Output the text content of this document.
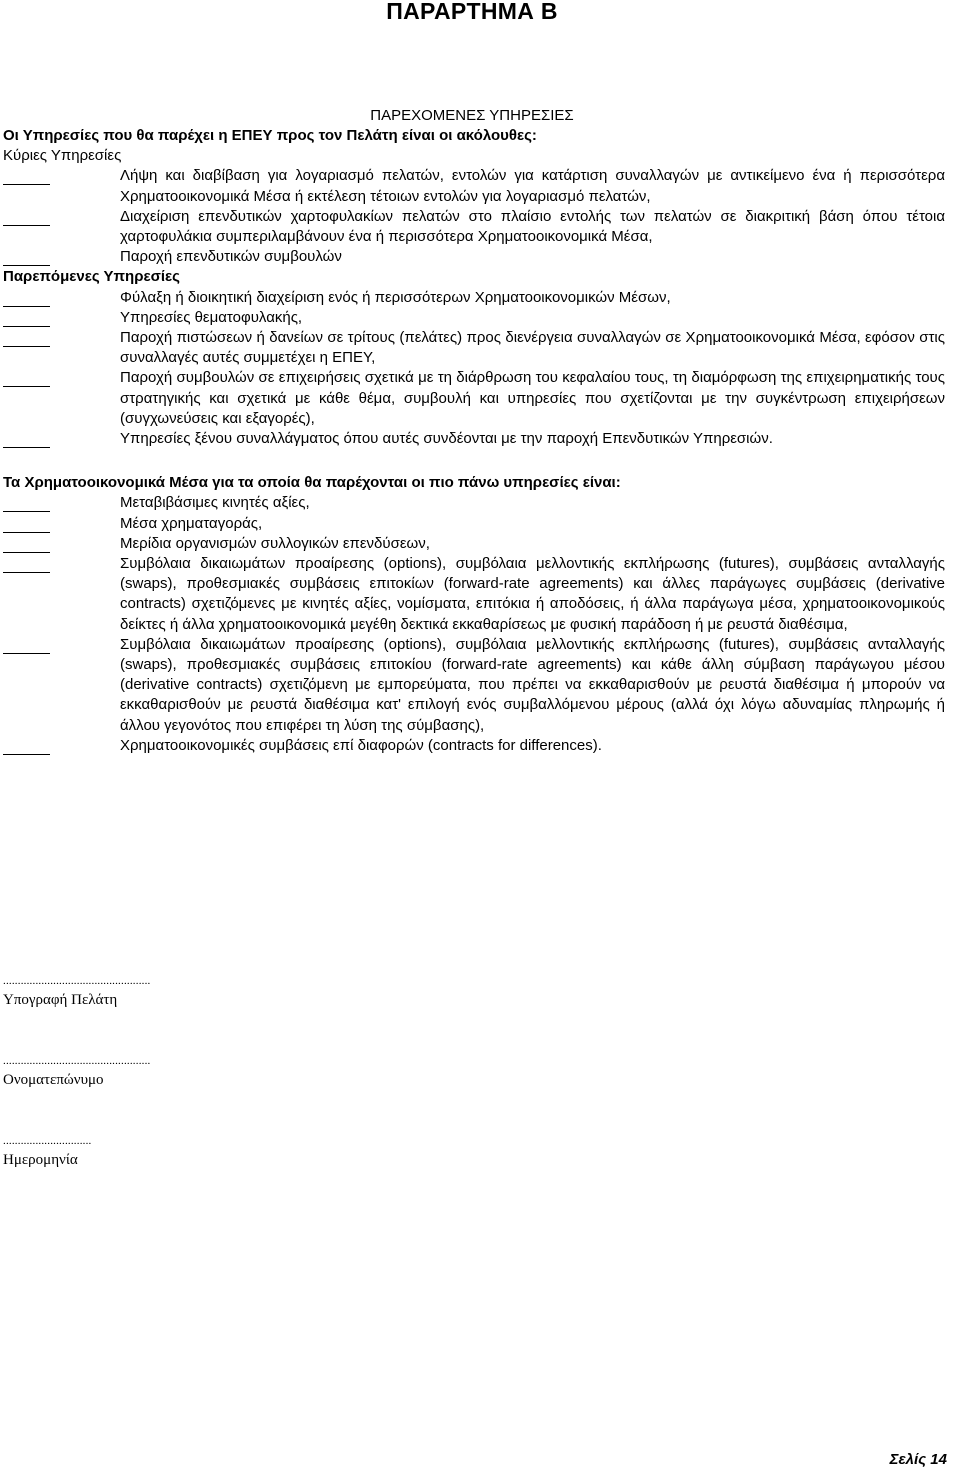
ΠΑΡΑΡΤΗΜΑ Β
ΠΑΡΕΧΟΜΕΝΕΣ ΥΠΗΡΕΣΙΕΣ

Οι Υπηρεσίες που θα παρέχει η ΕΠΕΥ προς τον Πελάτη είναι οι ακόλουθες:

Κύριες Υπηρεσίες

Λήψη και διαβίβαση για λογαριασμό πελατών, εντολών για κατάρτιση συναλλαγών με αντικείμενο ένα ή περισσότερα Χρηματοοικονομικά Μέσα ή εκτέλεση τέτοιων εντολών για λογαριασμό πελατών,
Διαχείριση επενδυτικών χαρτοφυλακίων πελατών στο πλαίσιο εντολής των πελατών σε διακριτική βάση όπου τέτοια χαρτοφυλάκια συμπεριλαμβάνουν ένα ή περισσότερα Χρηματοοικονομικά Μέσα,
Παροχή επενδυτικών συμβουλών

Παρεπόμενες Υπηρεσίες

Φύλαξη ή διοικητική διαχείριση ενός ή περισσότερων Χρηματοοικονομικών Μέσων,
Υπηρεσίες θεματοφυλακής,
Παροχή πιστώσεων ή δανείων σε τρίτους (πελάτες) προς διενέργεια συναλλαγών σε Χρηματοοικονομικά Μέσα, εφόσον στις συναλλαγές αυτές συμμετέχει η ΕΠΕΥ,
Παροχή συμβουλών σε επιχειρήσεις σχετικά με τη διάρθρωση του κεφαλαίου τους, τη διαμόρφωση της επιχειρηματικής τους στρατηγικής και σχετικά με κάθε θέμα, συμβουλή και υπηρεσίες που σχετίζονται με την συγκέντρωση επιχειρήσεων (συγχωνεύσεις και εξαγορές),
Υπηρεσίες ξένου συναλλάγματος όπου αυτές συνδέονται με την παροχή Επενδυτικών Υπηρεσιών.

Τα Χρηματοοικονομικά Μέσα για τα οποία θα παρέχονται οι πιο πάνω υπηρεσίες είναι:

Μεταβιβάσιμες κινητές αξίες,
Μέσα χρηματαγοράς,
Μερίδια οργανισμών συλλογικών επενδύσεων,
Συμβόλαια δικαιωμάτων προαίρεσης (options), συμβόλαια μελλοντικής εκπλήρωσης (futures), συμβάσεις ανταλλαγής (swaps), προθεσμιακές συμβάσεις επιτοκίων (forward-rate agreements) και άλλες παράγωγες συμβάσεις (derivative contracts) σχετιζόμενες με κινητές αξίες, νομίσματα, επιτόκια ή αποδόσεις, ή άλλα παράγωγα μέσα, χρηματοοικονομικούς δείκτες ή άλλα χρηματοοικονομικά μεγέθη δεκτικά εκκαθαρίσεως με φυσική παράδοση ή με ρευστά διαθέσιμα,
Συμβόλαια δικαιωμάτων προαίρεσης (options), συμβόλαια μελλοντικής εκπλήρωσης (futures), συμβάσεις ανταλλαγής (swaps), προθεσμιακές συμβάσεις επιτοκίου (forward-rate agreements) και κάθε άλλη σύμβαση παράγωγου μέσου (derivative contracts) σχετιζόμενη με εμπορεύματα, που πρέπει να εκκαθαρισθούν με ρευστά διαθέσιμα ή μπορούν να εκκαθαρισθούν με ρευστά διαθέσιμα κατ' επιλογή ενός συμβαλλόμενου μέρους (αλλά όχι λόγω αδυναμίας πληρωμής ή άλλου γεγονότος που επιφέρει τη λύση της σύμβασης),
Χρηματοοικονομικές συμβάσεις επί διαφορών (contracts for differences).
..................................................
Υπογραφή Πελάτη
..................................................
Ονοματεπώνυμο
..............................
Ημερομηνία
Σελίς 14
